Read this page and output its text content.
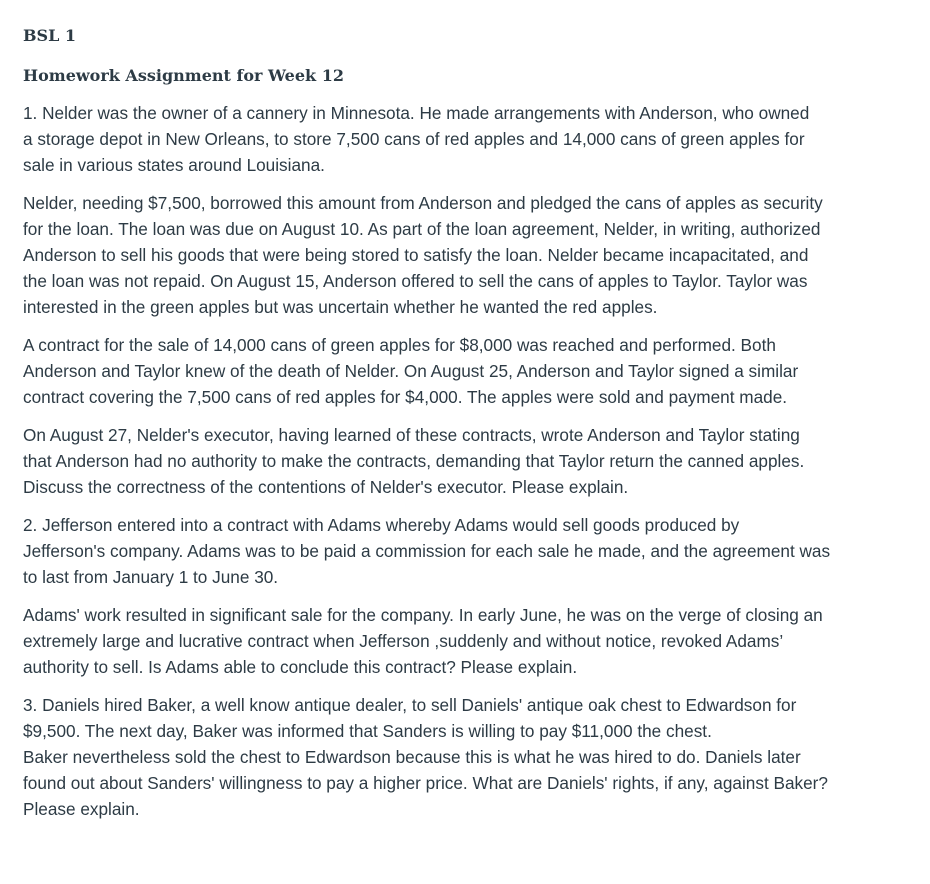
BSL 1
Homework Assignment for Week 12

1. Nelder was the owner of a cannery in Minnesota. He made arrangements with Anderson, who owned
a storage depot in New Orleans, to store 7,500 cans of red apples and 14,000 cans of green apples for
sale in various states around Louisiana.

Nelder, needing $7,500, borrowed this amount from Anderson and pledged the cans of apples as security
for the loan. The loan was due on August 10. As part of the loan agreement, Nelder, in writing, authorized
Anderson to sell his goods that were being stored to satisfy the loan. Nelder became incapacitated, and
the loan was not repaid. On August 15, Anderson offered to sell the cans of apples to Taylor. Taylor was
interested in the green apples but was uncertain whether he wanted the red apples.

A contract for the sale of 14,000 cans of green apples for $8,000 was reached and performed. Both
Anderson and Taylor knew of the death of Nelder. On August 25, Anderson and Taylor signed a similar
contract covering the 7,500 cans of red apples for $4,000. The apples were sold and payment made.

On August 27, Nelder's executor, having learned of these contracts, wrote Anderson and Taylor stating
that Anderson had no authority to make the contracts, demanding that Taylor return the canned apples.
Discuss the correctness of the contentions of Nelder's executor. Please explain.

2. Jefferson entered into a contract with Adams whereby Adams would sell goods produced by
Jefferson's company. Adams was to be paid a commission for each sale he made, and the agreement was
to last from January 1 to June 30.

Adams' work resulted in significant sale for the company. In early June, he was on the verge of closing an
extremely large and lucrative contract when Jefferson ,suddenly and without notice, revoked Adams’
authority to sell. Is Adams able to conclude this contract? Please explain.

3. Daniels hired Baker, a well know antique dealer, to sell Daniels' antique oak chest to Edwardson for
$9,500. The next day, Baker was informed that Sanders is willing to pay $11,000 the chest.
Baker nevertheless sold the chest to Edwardson because this is what he was hired to do. Daniels later
found out about Sanders' willingness to pay a higher price. What are Daniels' rights, if any, against Baker?
Please explain.
